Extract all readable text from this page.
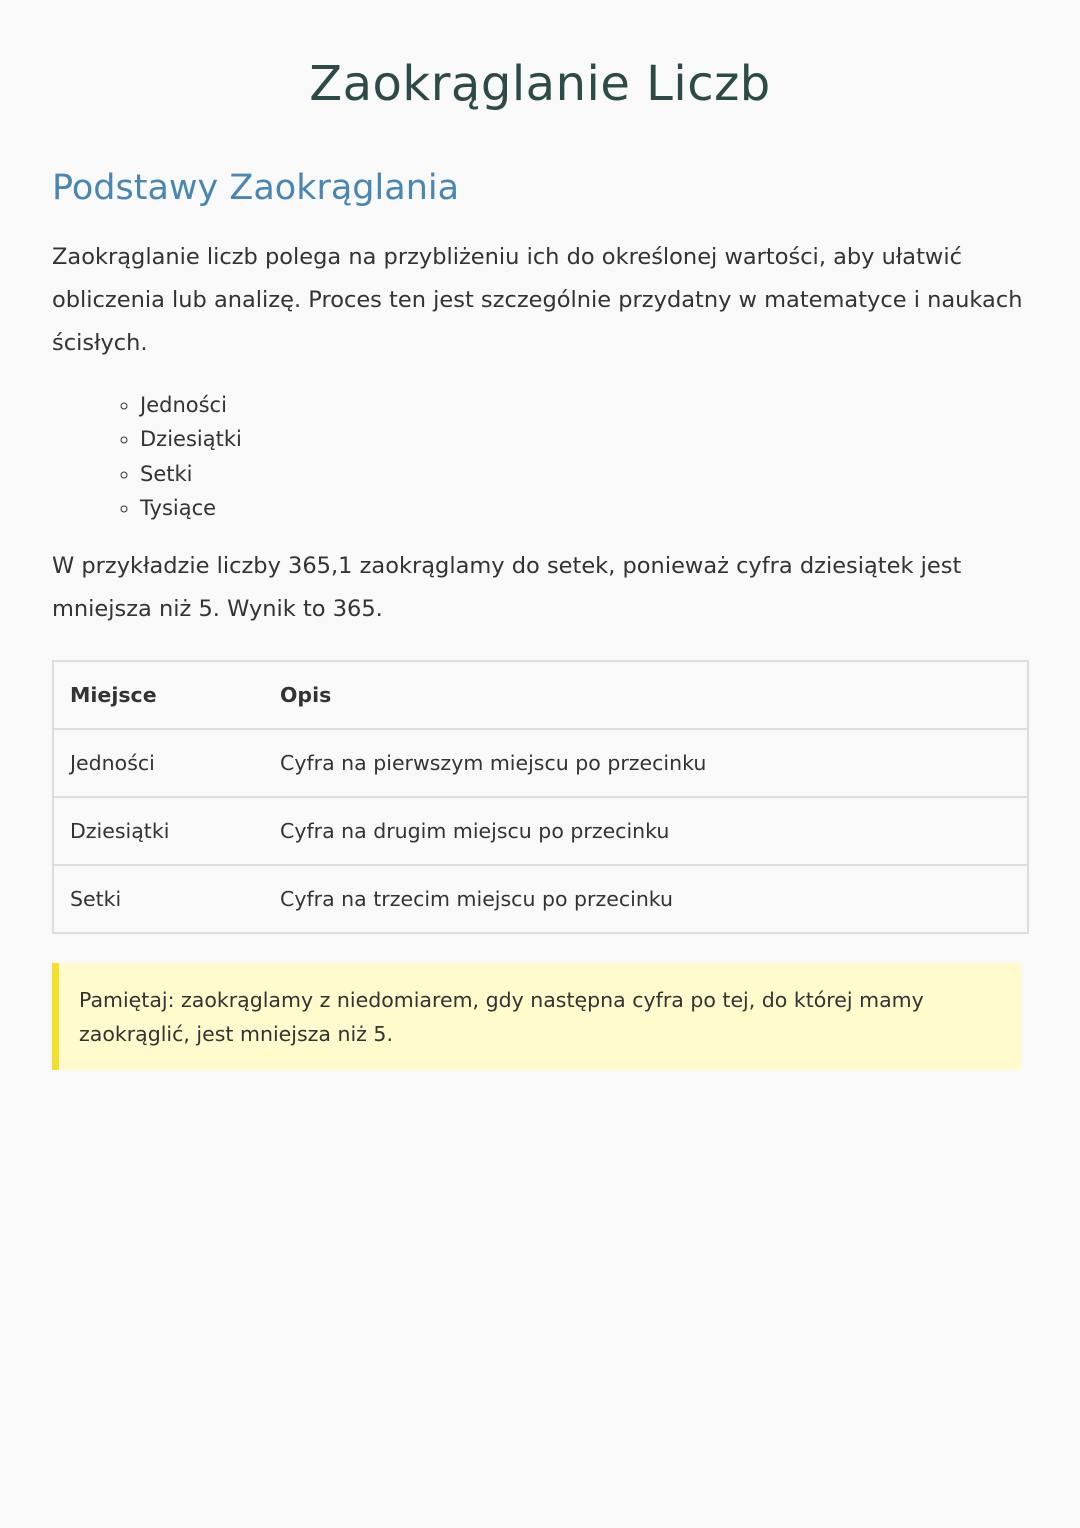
Zaokrąglanie Liczb
Podstawy Zaokrąglania

Zaokrąglanie liczb polega na przybliżeniu ich do określonej wartości, aby ułatwić obliczenia lub analizę. Proces ten jest szczególnie przydatny w matematyce i naukach ścisłych.

◦ Jedności
◦ Dziesiątki
◦ Setki
◦ Tysiące

W przykładzie liczby 365,1 zaokrąglamy do setek, ponieważ cyfra dziesiątek jest mniejsza niż 5. Wynik to 365.

Miejsce	Opis
Jedności	Cyfra na pierwszym miejscu po przecinku
Dziesiątki	Cyfra na drugim miejscu po przecinku
Setki	Cyfra na trzecim miejscu po przecinku
Pamiętaj: zaokrąglamy z niedomiarem, gdy następna cyfra po tej, do której mamy zaokrąglić, jest mniejsza niż 5.
